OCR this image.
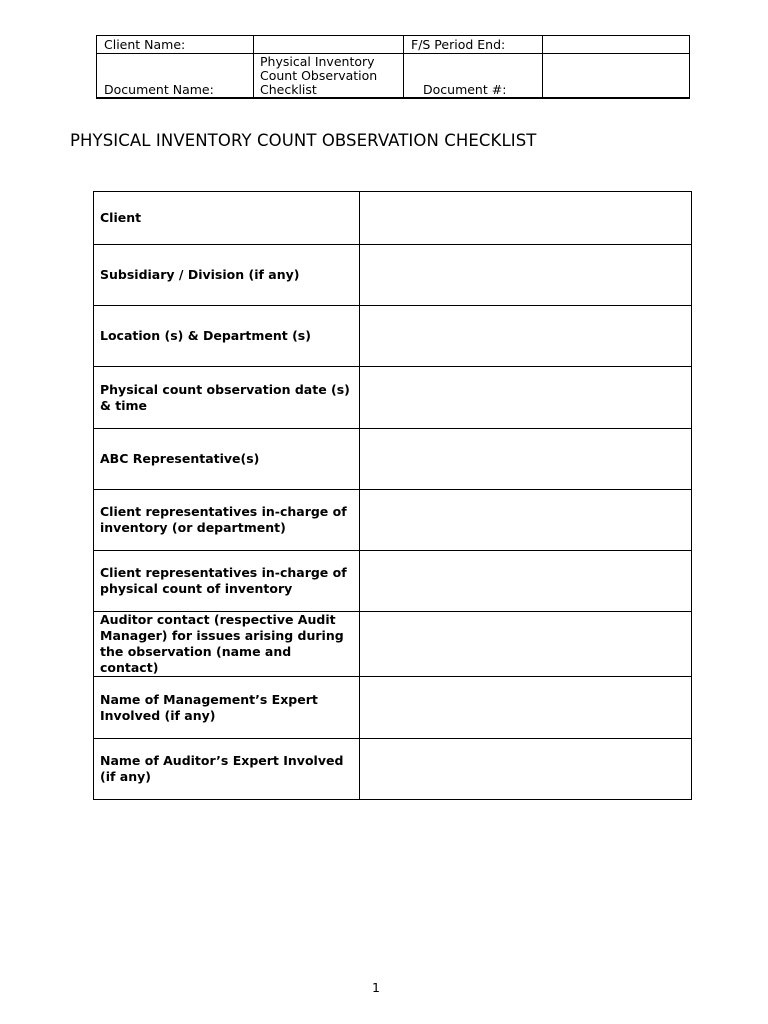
Client Name:		F/S Period End:	
Document Name:	Physical Inventory Count Observation Checklist	Document #:	
PHYSICAL INVENTORY COUNT OBSERVATION CHECKLIST
Client	
Subsidiary / Division (if any)	
Location (s) & Department (s)	
Physical count observation date (s) & time	
ABC Representative(s)	
Client representatives in-charge of inventory (or department)	
Client representatives in-charge of physical count of inventory	
Auditor contact (respective Audit Manager) for issues arising during the observation (name and contact)	
Name of Management’s Expert Involved (if any)	
Name of Auditor’s Expert Involved (if any)	
1
